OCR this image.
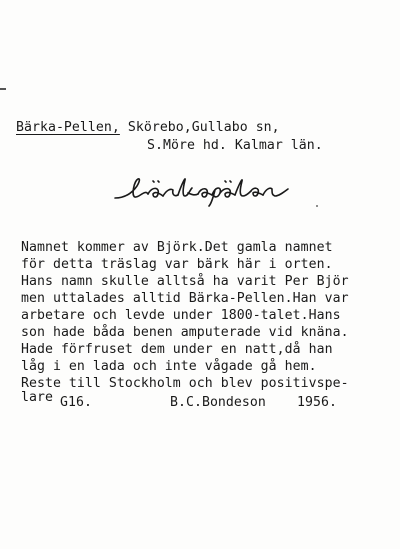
Bärka-Pellen, Skörebo,Gullabo sn,
S.Möre hd. Kalmar län.
Namnet kommer av Björk.Det gamla namnet
för detta träslag var bärk här i orten.
Hans namn skulle alltså ha varit Per Björ
men uttalades alltid Bärka-Pellen.Han var
arbetare och levde under 1800-talet.Hans
son hade båda benen amputerade vid knäna.
Hade förfruset dem under en natt,då han
låg i en lada och inte vågade gå hem.
Reste till Stockholm och blev positivspe-
lare G16.	B.C.Bondeson 1956.
